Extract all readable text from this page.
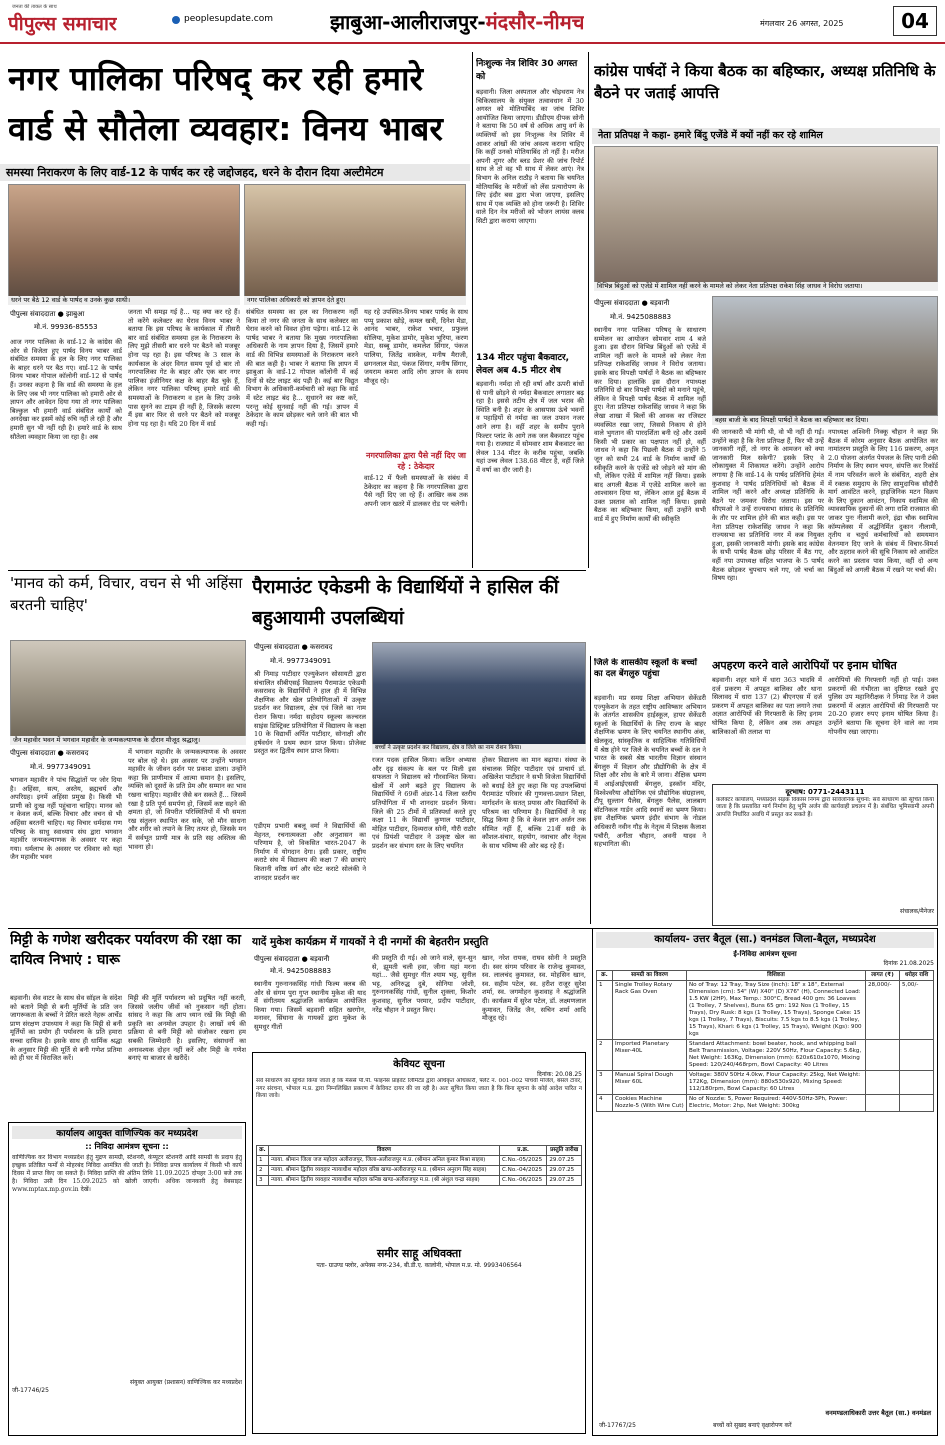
जनता की ताकत के साथ
पीपुल्स समाचार	peoplesupdate.com	झाबुआ-आलीराजपुर-मंदसौर-नीमच	मंगलवार 26 अगस्त, 2025	04
नगर पालिका परिषद् कर रही हमारे वार्ड से सौतेला व्यवहार: विनय भाबर
समस्या निराकरण के लिए वार्ड-12 के पार्षद कर रहे जद्दोजहद, धरने के दौरान दिया अल्टीमेटम
धरने पर बैठे 12 वार्ड के पार्षद व उनके कुछ साथी।	नगर पालिका अधिकारी को ज्ञापन देते हुए।
पीपुल्स संवाददाता ● झाबुआ
मो.नं. 99936-85553
आज नगर पालिका के वार्ड-12 के कांग्रेस की ओर से विजेता हुए पार्षद विनय भाबर वार्ड संबंधित समस्या के हल के लिए नगर पालिका के बाहर धरने पर बैठ गए। वार्ड-12 के पार्षद विनय भाबर गोपाल कॉलोनी वार्ड-12 से पार्षद हैं। उनका कहना है कि वार्ड की समस्या के हल के लिए जब भी नगर पालिका को हमारी ओर से ज्ञापन और आवेदन दिया गया तो नगर पालिका बिल्कुल भी हमारी वार्ड संबंधित कार्यों को अनदेखा कर इसमें कोई रुचि नहीं ले रही है और हमारी सुन भी नहीं रही है। हमारे वार्ड के साथ सौतेला व्यवहार किया जा रहा है। अब
जनता भी समझ गई है... यह क्या कर रहे हैं। तो करेंगे कलेक्टर का घेराव विनय भाबर ने बताया कि इस परिषद के कार्यकाल में तीसरी बार वार्ड संबंधित समस्या हल के निराकरण के लिए मुझे तीसरी बार धरने पर बैठने को मजबूर होना पड़ रहा है। इस परिषद के 3 साल के कार्यकाल के अंदर विगत समय पूर्व दो बार तो नगरपालिका गेट के बाहर और एक बार नगर पालिका इंजीनियर कक्ष के बाहर बैठ चुके हैं, लेकिन नगर पालिका परिषद् हमारे वार्ड की समस्याओं के निराकरण व हल के लिए उनके पास सुनने का टाइम ही नहीं है, जिसके कारण मैं इस बार फिर से धरने पर बैठने को मजबूर होना पड़ रहा है। यदि 20 दिन में वार्ड
संबंधित समस्या का हल का निराकरण नहीं किया तो नगर की जनता के साथ कलेक्टर का घेराव करने को विवश होना पड़ेगा। वार्ड-12 के पार्षद भाबर ने बताया कि मुख्य नगरपालिका अधिकारी के नाम ज्ञापन दिया है, जिसमें हमारे वार्ड की विभिन्न समस्याओं के निराकरण करने की बात कही है। भाबर ने बताया कि ज्ञापन में झाबुआ के वार्ड-12 गोपाल कॉलोनी में कई दिनों से स्टेट लाइट बंद पड़ी है। कई बार विद्युत विभाग के अधिकारी-कर्मचारी को कहा कि वार्ड में स्टेट लाइट बंद है... सुधारने का कष्ट करें, परन्तु कोई सुनवाई नहीं की गई। ज्ञापन में ठेकेदार के काम छोड़कर चले जाने की बात भी कही गई।
यह रहे उपस्थित-विनय भाबर पार्षद के साथ पप्पू प्रकाश खोड़े, कमल खत्री, दिनेश मेडा, आनंद भाबर, राकेश भचार, प्रफुल्ल सोलिया, मुकेश डामोर, मुकेश भूरिया, करण मेडा, सब्बू डामोर, कमलेश सिंगार, पंकज पालिया, जितेंद्र वास्केल, मनीष मैराजी, छगनलाल मेडा, पंकज सिंगार, मनीष सिंगार, जयराम कमरा आदि लोग ज्ञापन के समय मौजूद रहे।
नगरपालिका द्वारा पैसे नहीं दिए जा रहे : ठेकेदार
वार्ड-12 में फैली समस्याओं के संबंध में ठेकेदार का कहना है कि नगरपालिका द्वारा पैसे नहीं दिए जा रहे हैं। आखिर कब तक अपनी जान खतरे में डालकर रोड पर चलेगी।
निःशुल्क नेत्र शिविर 30 अगस्त को
बड़वानी। जिला अस्पताल और चोइथराम नेत्र चिकित्सालय के संयुक्त तत्वावधान में 30 अगस्त को मोतियाबिंद का जांच शिविर आयोजित किया जाएगा। डीडीएम दीपक सोनी ने बताया कि 50 वर्ष से अधिक आयु वर्ग के व्यक्तियों को इस निःशुल्क नेत्र शिविर में आकर आंखों की जांच अवश्य कराना चाहिए कि कहीं उनको मोतियाबिंद तो नहीं है। मरीज अपनी शुगर और ब्लड प्रेशर की जांच रिपोर्ट साथ ले तो वह भी साथ में लेकर आएं। नेत्र विभाग के अनिल राठौड़ ने बताया कि चयनित मोतियाबिंद के मरीजों को लेंस प्रत्यारोपण के लिए इंदौर बस द्वारा भेजा जाएगा, इसलिए साथ में एक व्यक्ति को होना जरूरी है। शिविर वाले दिन नेत्र मरीजों को भोजन लायंस क्लब सिटी द्वारा कराया जाएगा।
134 मीटर पहुंचा बैकवाटर, लेवल अब 4.5 मीटर शेष
बड़वानी। नर्मदा तो रही वर्षा और ऊपरी बांधों से पानी छोड़ने से नर्मदा बैकवाटर लगातार बढ़ रहा है। इससे तटीय क्षेत्र में जल भराव की स्थिति बनी है। शहर के आसपास ऊंचे भवनों व पहाड़ियों से नर्मदा का जल उफान नजर आने लगा है। वहीं शहर के समीप पुराने फिल्टर प्लांट के आगे तक जल बैकवाटर पहुंच गया है। राजघाट में सोमवार शाम बैकवाटर का लेवल 134 मीटर के करीब पहुंचा, जबकि यहां उच्च लेवल 138.68 मीटर है, वहीं जिले में वर्षा का दौर जारी है।
कांग्रेस पार्षदों ने किया बैठक का बहिष्कार, अध्यक्ष प्रतिनिधि के बैठने पर जताई आपत्ति
नेता प्रतिपक्ष ने कहा- हमारे बिंदु एजेंडे में क्यों नहीं कर रहे शामिल
विभिन्न बिंदुओं को एजेंडे में शामिल नहीं करने के मामले को लेकर नेता प्रतिपक्ष राकेश सिंह जाधव ने विरोध जताया।
पीपुल्स संवाददाता ● बड़वानी
मो.नं. 9425088883
बहस बाजी के बाद विपक्षी पार्षदों ने बैठक का बहिष्कार कर दिया।
स्थानीय नगर पालिका परिषद् के साधारण सम्मेलन का आयोजन सोमवार शाम 4 बजे हुआ। इस दौरान विभिन्न बिंदुओं को एजेंडे में शामिल नहीं करने के मामले को लेकर नेता प्रतिपक्ष राकेशसिंह जाधव ने विरोध जताया। इसके बाद विपक्षी पार्षदों ने बैठक का बहिष्कार कर दिया। हालांकि इस दौरान नपाध्यक्ष प्रतिनिधि दो बार विपक्षी पार्षदों को मनाने पहुंचे, लेकिन वे विपक्षी पार्षद बैठक में शामिल नहीं हुए। नेता प्रतिपक्ष राकेशसिंह जाधव ने कहा कि लेखा शाखा में बिलों की आवक का रजिस्टर व्यवस्थित रखा जाए, जिससे निकाय से होने वाले भुगतान की पारदर्शिता बनी रहे और उसमें किसी भी प्रकार का पक्षपात नहीं हो, वहीं जाधव ने कहा कि पिछली बैठक में उन्होंने 5 जून को सभी 24 वार्ड के निर्माण कार्यों की स्वीकृति करने के एजेंडे को जोड़ने को मांग की थी, लेकिन एजेंडे में शामिल नहीं किया। इसके बाद अगली बैठक में एजेंडे शामिल करने का आश्वासन दिया था, लेकिन आज हुई बैठक में उक्त प्रस्ताव को शामिल नहीं किया। इससे बैठक का बहिष्कार किया, वहीं उन्होंने सभी वार्ड में हुए निर्माण कार्यों की स्वीकृति
की जानकारी भी मांगी थी, वो भी नहीं दी गई। उन्होंने कहा है कि नेता प्रतिपक्ष हैं, फिर भी उन्हें जानकारी नहीं, तो नगर के आमजन को क्या जानकारी मिल सकेगी? इसके लिए वे लोकायुक्त में शिकायत करेंगे। उन्होंने आरोप लगाया है कि वार्ड-14 के पार्षद प्रतिनिधि हेमंत कुशवाह ने पार्षद प्रतिनिधियों को बैठक में शामिल नहीं करने और अध्यक्ष प्रतिनिधि के बैठने पर जमकर विरोध जताया। इस पर सीएमओ ने उन्हें राज्यसभा सांसद के प्रतिनिधि के तौर पर शामिल होने की बात कही। इस पर नेता प्रतिपक्ष राकेशसिंह जाधव ने कहा कि राज्यसभा का प्रतिनिधि नगर में कब नियुक्त हुआ, इसकी जानकारी मांगी। इसके बाद कांग्रेस के सभी पार्षद बैठक छोड़ परिसर में बैठ गए, वहीं नपा उपाध्यक्ष सहित भाजपा के 5 पार्षद बैठक छोड़कर चुपचाप चले गए, जो चर्चा का विषय रहा।
नपाध्यक्ष अश्विनी निक्कू चौहान ने कहा कि बैठक में कोरम अनुसार बैठक आयोजित कर नामांतरण प्रस्तुति के लिए 116 प्रकरण, अमृत 2.0 योजना अंतर्गत पेयजल के लिए पानी टंकी निर्माण के लिए स्थान चयन, संपत्ति कर रिकॉर्ड में नाम परिवर्तन करने के संबंधित, शहरी क्षेत्र में रक्तक समुदाय के लिए सामुदायिक सौदौरी मार्ग आवंटित करने, हाइजिनिक मटन विक्रय के लिए दुकान आवंटन, निकाय स्वामित्व की व्यावसायिक दुकानों की लगा राशि राजसात की जाकर पुनः नीलामी करने, इंद्रा चौक स्वामित्व कॉम्पलेक्स में अर्द्धनिर्मित दुकान नीलामी, तृतीय व चतुर्थ कर्मचारियों को समयमान वेतनमान दिए जाने के संबंध में विचार-विमर्श और ठहराव करने की सूचि निकाय को आवंटित करने का प्रस्ताव पास किया, वहीं दो अन्य बिंदुओं को अगली बैठक में रखने पर चर्चा की।
'मानव को कर्म, विचार, वचन से भी अहिंसा बरतनी चाहिए'
जैन महावीर भवन में भगवान महावीर के जन्मकल्याणक के दौरान मौजूद श्रद्धालु।
पीपुल्स संवाददाता ● कसरावद
मो.नं. 9977349091
भगवान महावीर ने पांच सिद्धांतों पर जोर दिया है। अहिंसा, सत्य, अस्तेय, ब्रह्मचर्य और अपरिग्रह। इनमें अहिंसा प्रमुख है। किसी भी प्राणी को दुःख नहीं पहुंचाना चाहिए। मानव को न केवल कर्म, बल्कि विचार और वचन से भी अहिंसा बरतनी चाहिए। यह विचार धर्मदास गण परिषद् के साधु स्वाध्याय संघ द्वारा भगवान महावीर जन्मकल्याणक के अवसर पर कहा गया। धर्मलाभ के अवसर पर रविवार को यहां जैन महावीर भवन
में भगवान महावीर के जन्मकल्याणक के अवसर पर बोल रहे थे। इस अवसर पर उन्होंने भगवान महावीर के जीवन दर्शन पर प्रकाश डाला। उन्होंने कहा कि प्राणीमात्र में आत्मा समान है। इसलिए, व्यक्ति को दूसरों के प्रति प्रेम और सम्मान का भाव रखना चाहिए। महावीर जैसे बन सकते हैं... जिसमें रखा है प्रति पूर्ण समर्पण हो, जिसमें कष्ट सहने की क्षमता हो, जो विपरीत परिस्थितियों में भी समता रख संतुलन स्थापित कर सके, जो मौन साधना और शरीर को तपाने के लिए तत्पर हो, जिसके मन में सर्वभूत प्राणी मात्र के प्रति सह अस्तित्व की भावना हो।
पैरामाउंट एकेडमी के विद्यार्थियों ने हासिल कीं बहुआयामी उपलब्धियां
पीपुल्स संवाददाता ● कसरावद
मो.नं. 9977349091
श्री निमाड़ पाटीदार एज्युकेशन सोसायटी द्वारा संचालित सीबीएसई विद्यालय पैरामाउंट एकेडमी कसरावद के विद्यार्थियों ने हाल ही में विभिन्न शैक्षणिक और खेल प्रतियोगिताओं में उत्कृष्ट प्रदर्शन कर विद्यालय, क्षेत्र एवं जिले का नाम रोशन किया। नर्मदा सहोदय स्कूल्स कल्चरल साइंस डिस्ट्रिक्ट प्रतियोगिता में विद्यालय के कक्षा 10 के विद्यार्थी अर्पित पाटीदार, सोनाक्षी और हर्षवर्धन ने प्रथम स्थान प्राप्त किया। प्रोजेक्ट प्रस्तुत कर द्वितीय स्थान प्राप्त किया।	बच्चों ने उत्कृष्ट प्रदर्शन कर विद्यालय, क्षेत्र व जिले का नाम रोशन किया।
एडीएम प्रभारी बबलू वर्मा ने विद्यार्थियों की मेहनत, रचनात्मकता और अनुशासन का परिणाम है, जो विकसित भारत-2047 के निर्माण में योगदान देगा। इसी प्रकार, राष्ट्रीय कराटे संघ में विद्यालय की कक्षा 7 की छात्राएं कितानी वरिष्ठ वर्ग और स्टेट कराटे सोलंकी ने शानदार प्रदर्शन कर
रजत पदक हासिल किया। कठिन अभ्यास और दृढ़ संकल्प के बल पर मिली इस सफलता ने विद्यालय को गौरवान्वित किया। खेलों में आगे बढ़ते हुए विद्यालय के विद्यार्थियों ने 69वीं अंडर-14 जिला स्तरीय प्रतियोगिता में भी शानदार प्रदर्शन किया। जिले की 25 टीमों में प्रतिस्पर्धा करते हुए कक्षा 11 के विद्यार्थी कुणाल पाटीदार, मोहित पाटीदार, दिव्यराज सोनी, गौरी राठौर एवं प्रियंशी पाटीदार ने उत्कृष्ट खेल का प्रदर्शन कर संभाग स्तर के लिए चयनित
होकर विद्यालय का मान बढ़ाया। संस्था के संचालक मिहिर पाटीदार एवं प्राचार्य डॉ. अखिलेश पाटीदार ने सभी विजेता विद्यार्थियों को बधाई देते हुए कहा कि यह उपलब्धियां पैरामाउंट परिवार की गुणवत्ता-प्रधान शिक्षा, मार्गदर्शन के सतत् प्रयास और विद्यार्थियों के परिश्रम का परिणाम है। विद्यार्थियों ने यह सिद्ध किया है कि वे केवल ज्ञान अर्जन तक सीमित नहीं हैं, बल्कि 21वीं सदी के कौशल-संचार, सहयोग, नवाचार और नेतृत्व के साथ भविष्य की ओर बढ़ रहे हैं।
जिले के शासकीय स्कूलों के बच्चों का दल बेंगलुरु पहुंचा
बड़वानी। मप्र समग्र शिक्षा अभियान सेकेंडरी एज्युकेशन के तहत राष्ट्रीय आविष्कार अभियान के अंतर्गत शासकीय हाईस्कूल, हायर सेकेंडरी स्कूलों के विद्यार्थियों के लिए राज्य के बाहर शैक्षणिक भ्रमण के लिए चयनित स्थानीय अंक, खेलकूद, सांस्कृतिक व साहित्यिक गतिविधियों में श्रेष्ठ होने पर जिले के चयनित बच्चों के दल ने भारत के सबसे श्रेष्ठ भारतीय विज्ञान संस्थान बेंगलुरु में विज्ञान और प्रौद्योगिकी के क्षेत्र में शिक्षा और शोध के बारे में जाना। शैक्षिक भ्रमण में आईआईएससी बेंगलुरु, इस्कॉन मंदिर, विश्वेश्वरैया औद्योगिक एवं प्रौद्योगिक संग्रहालय, टीपू सुल्तान पैलेस, बेंगलुरु पैलेस, लालबाग बॉटनिकल गार्डन आदि स्थानों का भ्रमण किया। इस शैक्षणिक भ्रमण इंदौर संभाग के नोडल अधिकारी नवीन गौड़ के नेतृत्व में शिक्षक कैलाश पचौरी, अनीता चौहान, अवनी यादव ने सहभागिता की।
अपहरण करने वाले आरोपियों पर इनाम घोषित
बड़वानी। शहर थाने में धारा 363 भादवि में दर्ज प्रकरण में अपहृत बालिका और थाना सिलावद में धारा 137 (2) बीएनएस में दर्ज प्रकरण में अपहृत बालिका का पता लगाने तथा अज्ञात आरोपियों की गिरफ्तारी के लिए इनाम घोषित किया है, लेकिन अब तक अपहृत बालिकाओं की तलाश या
आरोपियों की गिरफ्तारी नहीं हो पाई। उक्त प्रकरणों की गंभीरता का दृष्टिगत रखते हुए पुलिस उप महानिरीक्षक ने निमाड़ रेंज ने उक्त प्रकरणों में अज्ञात आरोपियों की गिरफ्तारी पर 20-20 हजार रुपए इनाम घोषित किया है। उन्होंने बताया कि सूचना देने वाले का नाम गोपनीय रखा जाएगा।
दूरभाष: 0771-2443111
कलेक्टर कार्यालय, मध्यप्रदेश सड़क विकास निगम द्वारा सार्वजनिक सूचना: सर्व साधारण को सूचित किया जाता है कि प्रस्तावित मार्ग निर्माण हेतु भूमि अर्जन की कार्यवाही प्रचलन में है। संबंधित भूमिस्वामी अपनी आपत्ति निर्धारित अवधि में प्रस्तुत कर सकते हैं।
संचालक/मैनेजर
मिट्टी के गणेश खरीदकर पर्यावरण की रक्षा का दायित्व निभाएं : घारू
बड़वानी। सेव वाटर के साथ सेव सॉइल के संदेश को बताने मिट्टी से बनी मूर्तियों के प्रति जन जागरूकता के बच्चों ने प्रेरित करते नेहरू आर्चेड प्राण संरक्षण उपाध्याय ने कहा कि मिट्टी से बनी मूर्तियों का प्रयोग ही पर्यावरण के प्रति हमारा सच्चा दायित्व है। इसके साथ ही धार्मिक श्रद्धा के अनुसार मिट्टी की मूर्ति से बनी गणेश प्रतिमा को ही घर में विराजित करें।
मिट्टी की मूर्ति पर्यावरण को प्रदूषित नहीं करती, जिससे जलीय जीवों को नुकसान नहीं होता। सांसद ने कहा कि आप ध्यान रखें कि मिट्टी की प्रकृति का अनमोल उपहार है। लाखों वर्ष की प्रक्रिया से बनी मिट्टी को संजोकर रखना हम सबकी जिम्मेदारी है। इसलिए, संसाधनों का अनावश्यक दोहन नहीं करें और मिट्टी के गणेश बनाएं या बाजार से खरीदें।
यादें मुकेश कार्यक्रम में गायकों ने दी नगमों की बेहतरीन प्रस्तुति
पीपुल्स संवाददाता ● बड़वानी
मो.नं. 9425088883
स्थानीय गुरुनानकसिंह गांधी फिल्म क्लब की ओर से संगम पुरा गुप्त स्थानीय मुकेश की याद में संगीतमय श्रद्धांजलि कार्यक्रम आयोजित किया गया। जिसमें बड़वानी सहित खरगोन, मनावर, सिंघाना के गायकों द्वारा मुकेश के सुमधुर गीतों
की प्रस्तुति दी गई। ओ जाने वाले, सुन-सुन से, झूमती चली हवा, जीना यहां मरना यहां... जैसे सुमधुर गीत श्याम भट्ट, सुनील भट्ट, अनिरुद्ध दुबे, सोनिया जोशी, गुरुनानकसिंह गांधी, सुनील शुक्ला, किशोर कुशवाह, सुनील परमार, प्रदीप पाटीदार, नरेंद्र चौहान ने प्रस्तुत किए।
खान, नरेश रायक, राघव सोनी ने प्रस्तुति दी। स्वर संगम परिवार के राजेन्द्र कुमावत, स्व. लालचंद कुमावत, स्व. मोहसिन खान, स्व. सहीम पटेल, स्व. हरीश राजूर सुरेश शर्मा, स्व. जगमोहन कुशवाह ने श्रद्धांजलि दी। कार्यक्रम में सुरेश पटेल, डॉ. लक्ष्मणलाल कुमावत, जितेंद्र जैन, सचिन शर्मा आदि मौजूद रहे।
केवियट सूचना
दिनांक: 20.08.25
सर्व साधारण को सूचित किया जाता है कि मेसर्स पी.पी. फाइनेंस प्राइवेट लिमिटेड द्वारा अधिकृत अधिकारी, फ्लैट नं. 001-002 पांचवी मंजिल, बंसल टावर, नगर संरचना, भोपाल म.प्र. द्वारा निम्नलिखित प्रकरण में केवियट दायर की जा रही है। अतः सूचित किया जाता है कि बिना सूचना के कोई आदेश पारित न किया जावे।
क्र.	विवरण	प्र.क्र.	प्रस्तुति तारीख
1	न्याया. श्रीमान जिला जज महोदय अलीराजपुर, जिला-अलीराजपुर म.प्र. (श्रीमान अनिल कुमार मिश्रा साहब)	C.No.-05/2025	29.07.25
2	न्याया. श्रीमान द्वितीय व्यवहार न्यायाधीश महोदय वरिष्ठ खण्ड-अलीराजपुर म.प्र. (श्रीमान अनुराग सिंह साहब)	C.No.-04/2025	29.07.25
3	न्याया. श्रीमान द्वितीय व्यवहार न्यायाधीश महोदय कनिष्ठ खण्ड-अलीराजपुर म.प्र. (श्री अंशुल चन्द्रा साहब)	C.No.-06/2025	29.07.25
समीर साहू अधिवक्ता
पता- ग्राउण्ड फ्लोर, अपेक्स नगर-234, बी.डी.ए. कालोनी, भोपाल म.प्र. मो. 9993406564
कार्यालय आयुक्त वाणिज्यिक कर मध्यप्रदेश
:: निविदा आमंत्रण सूचना ::
वाणिज्यिक कर विभाग मध्यप्रदेश हेतु मुद्रण सामग्री, स्टेशनरी, कंप्यूटर स्टेशनरी आदि सामग्री के प्रदाय हेतु इच्छुक प्रतिष्ठित फर्मों से मोहरबंद निविदा आमंत्रित की जाती है। निविदा प्रपत्र कार्यालय में किसी भी कार्य दिवस में प्राप्त किए जा सकते हैं। निविदा प्राप्ति की अंतिम तिथि 11.09.2025 दोपहर 3:00 बजे तक है। निविदा उसी दिन 15.09.2025 को खोली जाएगी। अधिक जानकारी हेतु वेबसाइट www.mptax.mp.gov.in देखें।
संयुक्त आयुक्त (प्रशासन) वाणिज्यिक कर मध्यप्रदेश
जी-17746/25
कार्यालय- उत्तर बैतूल (सा.) वनमंडल जिला-बैतूल, मध्यप्रदेश
ई-निविदा आमंत्रण सूचना
दिनांक 21.08.2025
क्र.	सामग्री का विवरण	विशिष्टता	लागत (₹)	धरोहर राशि
1	Single Trolley Rotary Rack Gas Oven	No of Tray: 12 Tray, Tray Size (inch): 18" x 18", External Dimension (cm): 54" (W) X40" (D) X76" (H), Connected Load: 1.5 KW (2HP), Max Temp.: 300°C, Bread 400 gm: 36 Loaves (1 Trolley, 7 Shelves), Buns 65 gm: 192 Nos (1 Trolley, 15 Trays), Dry Rusk: 8 kgs (1 Trolley, 15 Trays), Sponge Cake: 15 kgs (1 Trolley, 7 Trays), Biscuits: 7.5 kgs to 8.5 kgs (1 Trolley, 15 Trays), Khari: 6 kgs (1 Trolley, 15 Trays), Weight (Kgs): 900 kgs	28,000/-	5,00/-
2	Imported Planetary Mixer-40L	Standard Attachment: bowl beater, hook, and whipping ball Belt Transmission, Voltage: 220V 50Hz, Flour Capacity: 5.6kg, Net Weight: 163Kg, Dimension (mm): 620x610x1070, Mixing Speed: 120/240/468rpm, Bowl Capacity: 40 Litres		
3	Manual Spiral Dough Mixer 60L	Voltage: 380V 50Hz 4.0kw, Flour Capacity: 25kg, Net Weight: 172Kg, Dimension (mm): 880x530x920, Mixing Speed: 112/180rpm, Bowl Capacity: 60 Litres		
4	Cookies Machine Nozzle-5 (With Wire Cut)	No of Nozzle: 5, Power Required: 440V-50Hz-3Ph, Power: Electric, Motor: 2hp, Net Weight: 300kg		
वनमण्डलाधिकारी उत्तर बैतूल (सा.) वनमंडल
जी-17767/25	बच्चों को सुखद बनाएं वृक्षारोपण करें
